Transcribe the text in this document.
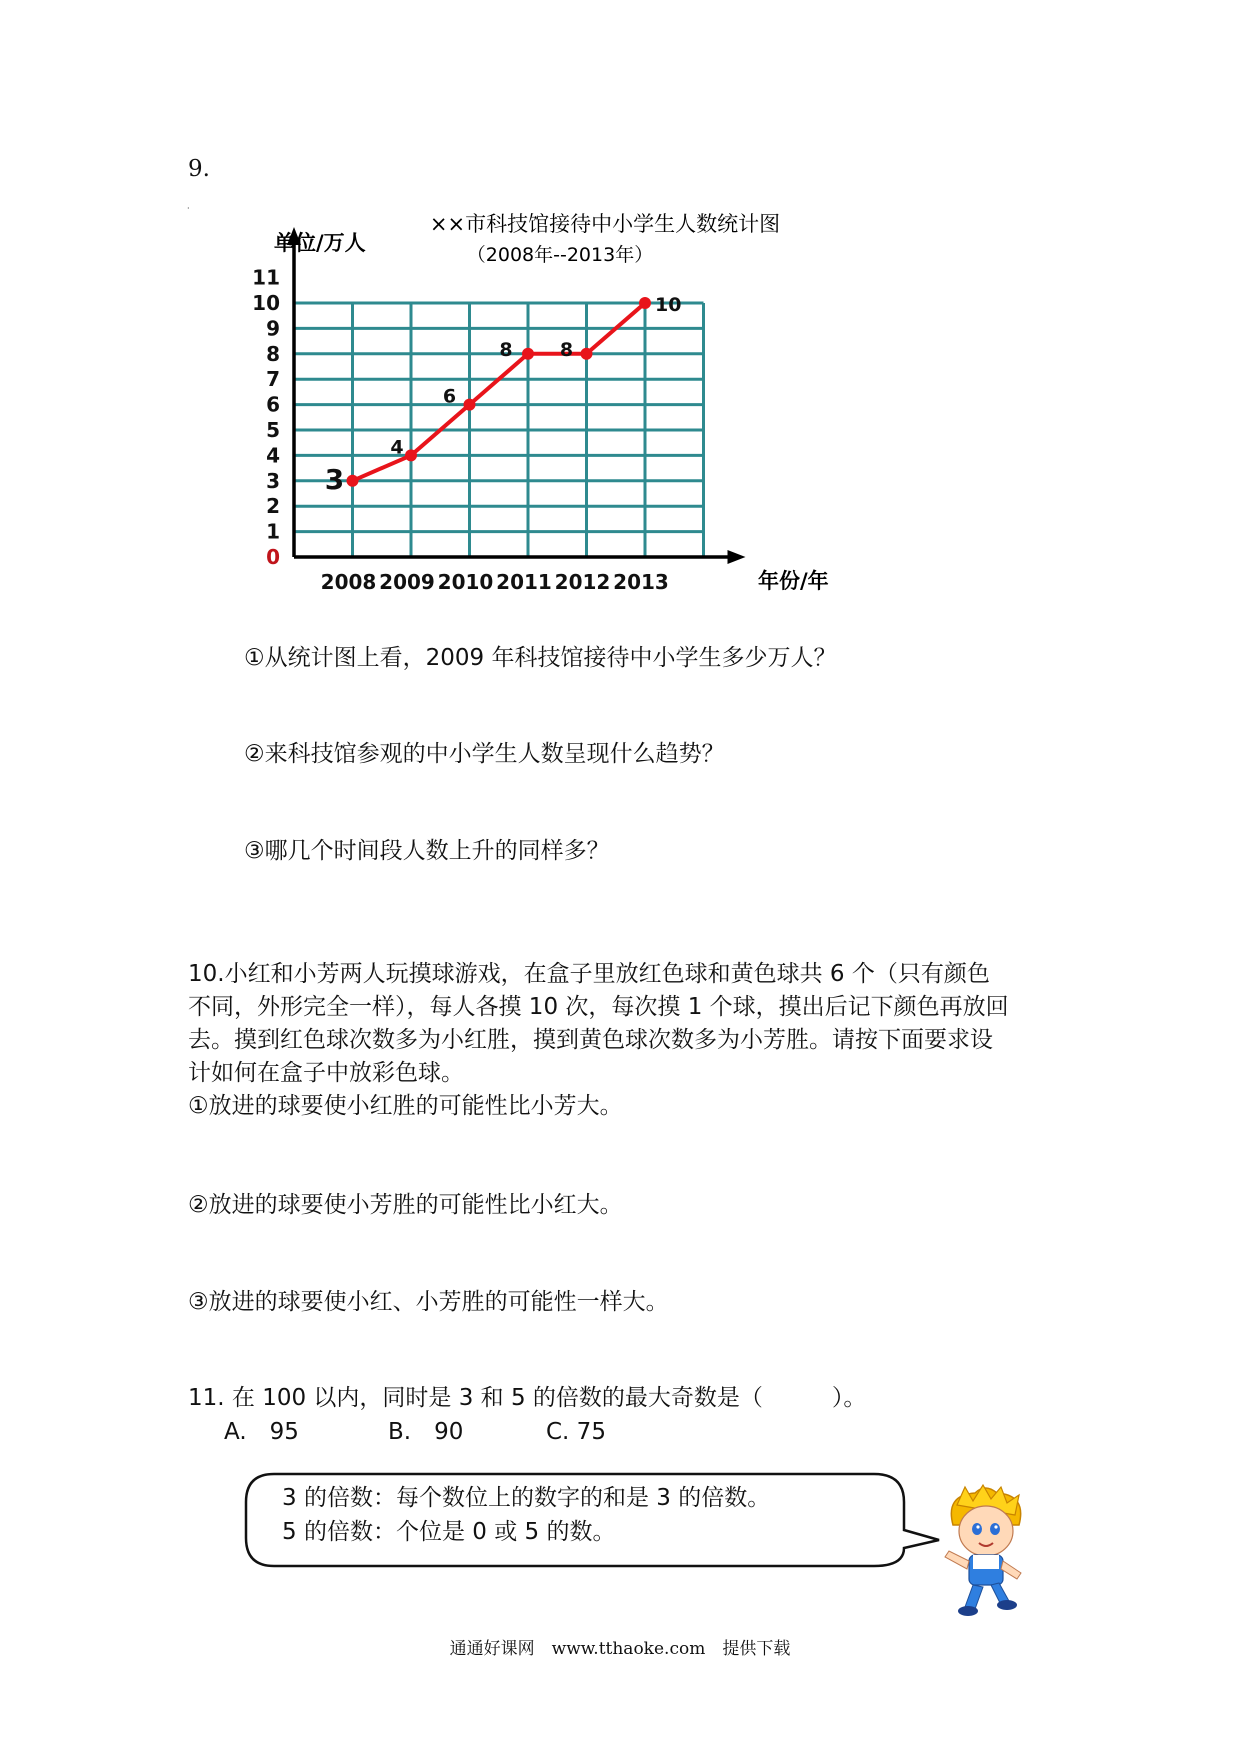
9.
·
0
1
2
3
4
5
6
7
8
9
10
11
2008 2009 2010 2011 2012 2013
3
4
6
8 8
10
××市科技馆接待中小学生人数统计图
（2008年--2013年）
单位/万人
年份/年
①从统计图上看，2009 年科技馆接待中小学生多少万人？
②来科技馆参观的中小学生人数呈现什么趋势？
③哪几个时间段人数上升的同样多？
10.小红和小芳两人玩摸球游戏，在盒子里放红色球和黄色球共 6 个（只有颜色
不同，外形完全一样），每人各摸 10 次，每次摸 1 个球，摸出后记下颜色再放回
去。摸到红色球次数多为小红胜，摸到黄色球次数多为小芳胜。请按下面要求设
计如何在盒子中放彩色球。
①放进的球要使小红胜的可能性比小芳大。
②放进的球要使小芳胜的可能性比小红大。
③放进的球要使小红、小芳胜的可能性一样大。
11. 在 100 以内，同时是 3 和 5 的倍数的最大奇数是（　　　）。
A.　95	B.　90	C. 75
3 的倍数：每个数位上的数字的和是 3 的倍数。
5 的倍数：个位是 0 或 5 的数。
通通好课网　www.tthaoke.com　提供下载
